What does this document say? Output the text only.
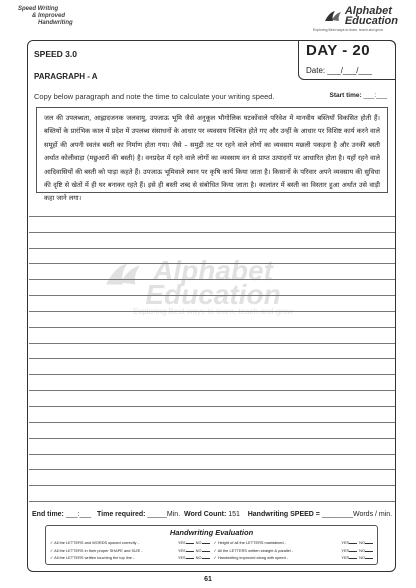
Speed Writing
& Improved
Handwriting
Alphabet
Education
Exploring Best ways to learn, teach and grow
SPEED 3.0
PARAGRAPH - A
Copy below paragraph and note the time to calculate your writing speed.	Start time: ___:___
DAY - 20
Date: ___/___/___
जल की उपलब्धता, आह्लादजनक जलवायु, उपजाऊ भूमि जैसे अनुकूल भौगोलिक घटकोंवाले परिवेश में मानवीय बस्तियाँ विकसित होती हैं। बस्तियों के प्रारंभिक काल में प्रदेश में उपलब्ध संसाधनों के आधार पर व्यवसाय निश्चित होते गए और उन्हीं के आधार पर विशिष्ट कार्य करने वाले समूहों की अपनी स्वतंत्र बस्ती का निर्माण होता गया। जैसे – समुद्री तट पर रहने वाले लोगों का व्यवसाय मछली पकड़ना है और उनकी बस्ती अर्थात कोलीवाड़ा (मछुआरों की बस्ती) है। वनप्रदेश में रहने वाले लोगों का व्यवसाय वन से प्राप्त उत्पादनों पर आधारित होता है। यहाँ रहने वाले आदिवासियों की बस्ती को पाड़ा कहते हैं। उपजाऊ भूमिवाले स्थान पर कृषि कार्य किया जाता है। किसानों के परिवार अपने व्यवसाय की सुविधा की दृष्टि से खेतों में ही घर बनाकर रहते हैं। इसे ही बस्ती शब्द से संबोधित किया जाता है। कालांतर में बस्ती का विस्तार हुआ अर्थात उसे वाड़ी कहा जाने लगा।
Alphabet
Education
Exploring Best ways to learn, teach and grow
End time: ___:___ Time required: _____Min. Word Count: 151 Handwriting SPEED = ________Words / min.
Handwriting Evaluation
✓ All the LETTERS and WORDS spaced correctly -	YES	NO
✓ All the LETTERS in their proper SHAPE and SIZE -	YES	NO
✓ All the LETTERS written touching the top line -	YES	NO
✓ Height of all the LETTERS maintained -	YES	NO
✓ All the LETTERS written straight & parallel -	YES	NO
✓ Handwriting improved along with speed -	YES	NO
61
